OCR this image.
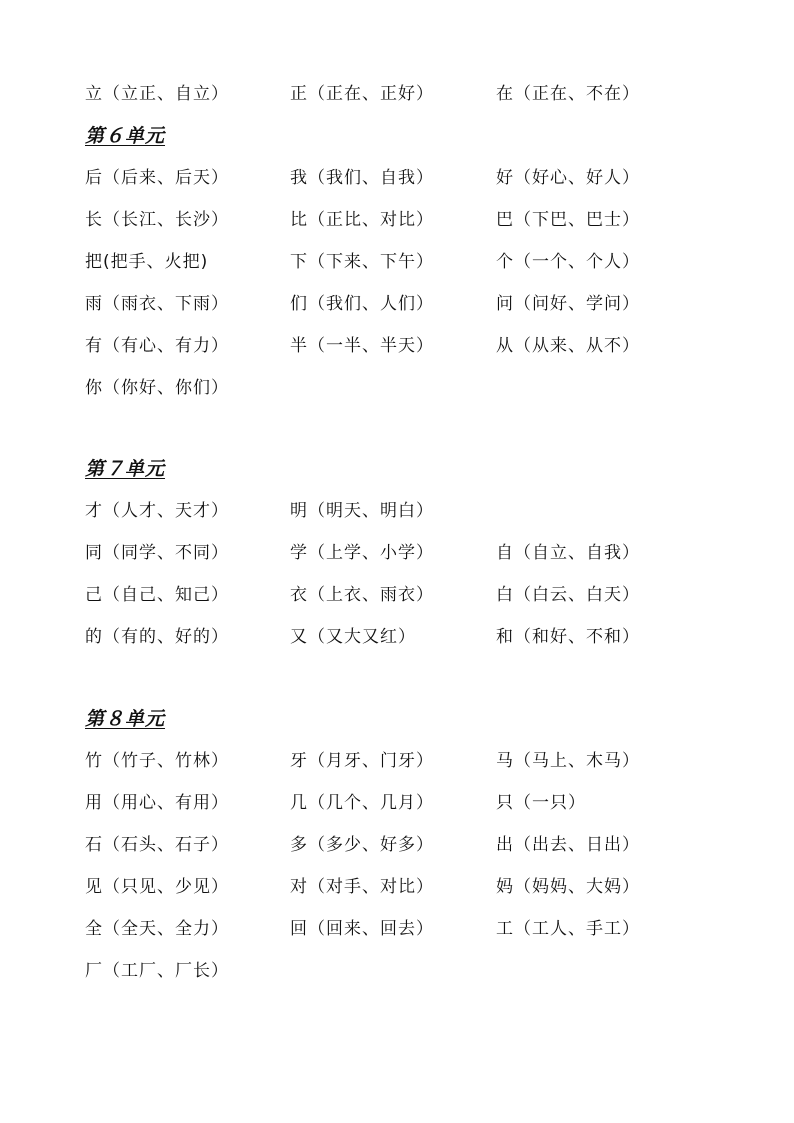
立（立正、自立）	正（正在、正好）	在（正在、不在）
第６单元
后（后来、后天）	我（我们、自我）	好（好心、好人）
长（长江、长沙）	比（正比、对比）	巴（下巴、巴士）
把(把手、火把)	下（下来、下午）	个（一个、个人）
雨（雨衣、下雨）	们（我们、人们）	问（问好、学问）
有（有心、有力）	半（一半、半天）	从（从来、从不）
你（你好、你们）
第７单元
才（人才、天才）	明（明天、明白）
同（同学、不同）	学（上学、小学）	自（自立、自我）
己（自己、知己）	衣（上衣、雨衣）	白（白云、白天）
的（有的、好的）	又（又大又红）	和（和好、不和）
第８单元
竹（竹子、竹林）	牙（月牙、门牙）	马（马上、木马）
用（用心、有用）	几（几个、几月）	只（一只）
石（石头、石子）	多（多少、好多）	出（出去、日出）
见（只见、少见）	对（对手、对比）	妈（妈妈、大妈）
全（全天、全力）	回（回来、回去）	工（工人、手工）
厂（工厂、厂长）
